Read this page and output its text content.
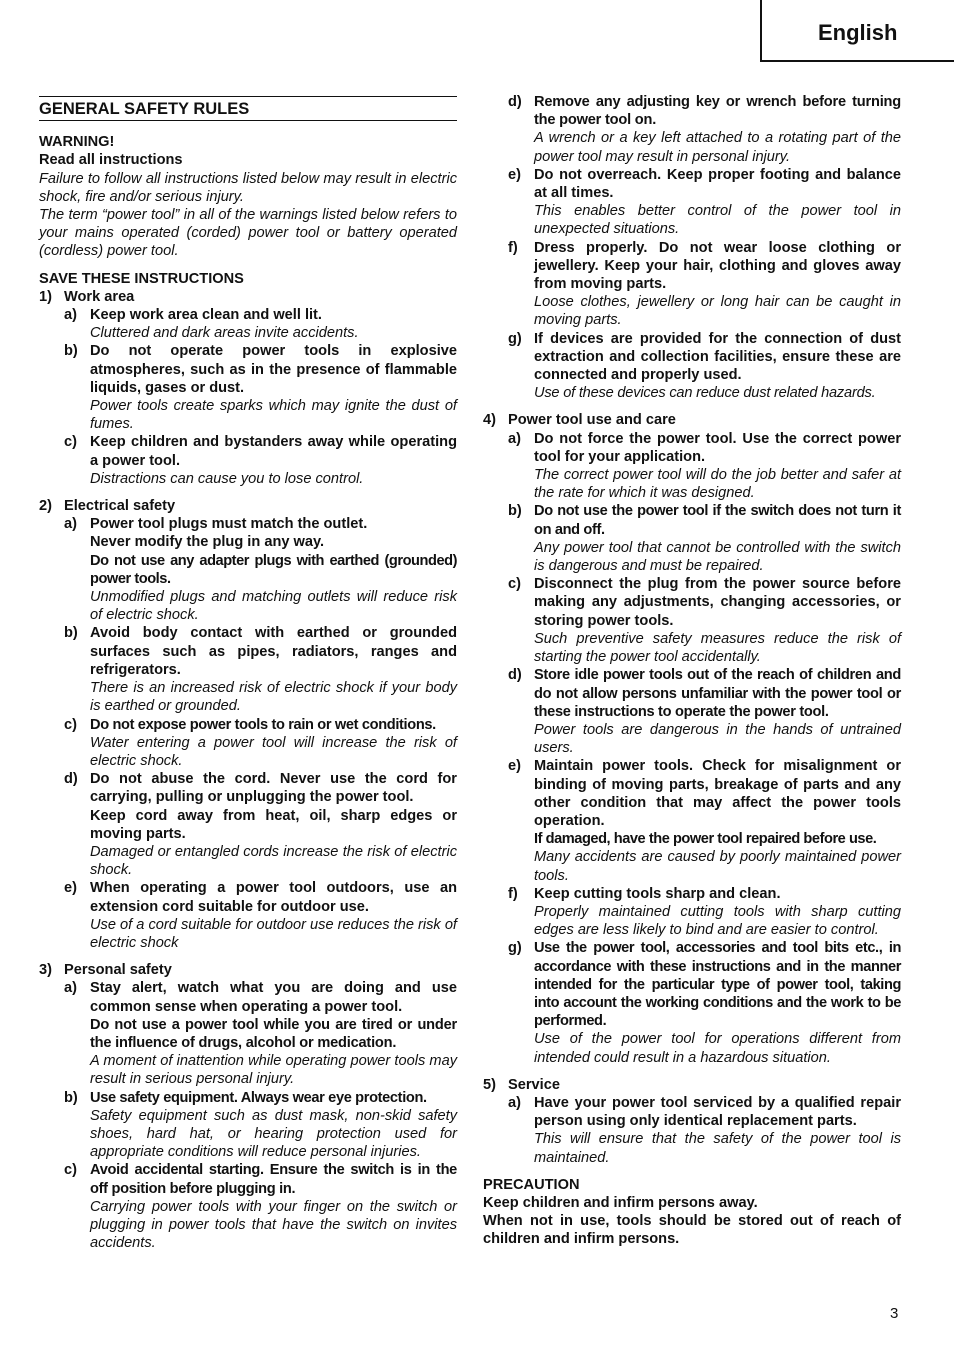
English
GENERAL SAFETY RULES
WARNING!
Read all instructions
Failure to follow all instructions listed below may result in electric shock, fire and/or serious injury.
The term “power tool” in all of the warnings listed below refers to your mains operated (corded) power tool or battery operated (cordless) power tool.
SAVE THESE INSTRUCTIONS
1) Work area
a) Keep work area clean and well lit.
Cluttered and dark areas invite accidents.
b) Do not operate power tools in explosive atmospheres, such as in the presence of flammable liquids, gases or dust.
Power tools create sparks which may ignite the dust of fumes.
c) Keep children and bystanders away while operating a power tool.
Distractions can cause you to lose control.
2) Electrical safety
a) Power tool plugs must match the outlet.
Never modify the plug in any way.
Do not use any adapter plugs with earthed (grounded) power tools.
Unmodified plugs and matching outlets will reduce risk of electric shock.
b) Avoid body contact with earthed or grounded surfaces such as pipes, radiators, ranges and refrigerators.
There is an increased risk of electric shock if your body is earthed or grounded.
c) Do not expose power tools to rain or wet conditions.
Water entering a power tool will increase the risk of electric shock.
d) Do not abuse the cord. Never use the cord for carrying, pulling or unplugging the power tool.
Keep cord away from heat, oil, sharp edges or moving parts.
Damaged or entangled cords increase the risk of electric shock.
e) When operating a power tool outdoors, use an extension cord suitable for outdoor use.
Use of a cord suitable for outdoor use reduces the risk of electric shock
3) Personal safety
a) Stay alert, watch what you are doing and use common sense when operating a power tool.
Do not use a power tool while you are tired or under the influence of drugs, alcohol or medication.
A moment of inattention while operating power tools may result in serious personal injury.
b) Use safety equipment. Always wear eye protection.
Safety equipment such as dust mask, non-skid safety shoes, hard hat, or hearing protection used for appropriate conditions will reduce personal injuries.
c) Avoid accidental starting. Ensure the switch is in the off position before plugging in.
Carrying power tools with your finger on the switch or plugging in power tools that have the switch on invites accidents.
d) Remove any adjusting key or wrench before turning the power tool on.
A wrench or a key left attached to a rotating part of the power tool may result in personal injury.
e) Do not overreach. Keep proper footing and balance at all times.
This enables better control of the power tool in unexpected situations.
f)	Dress properly. Do not wear loose clothing or jewellery. Keep your hair, clothing and gloves away from moving parts.
Loose clothes, jewellery or long hair can be caught in moving parts.
g) If devices are provided for the connection of dust extraction and collection facilities, ensure these are connected and properly used.
Use of these devices can reduce dust related hazards.
4) Power tool use and care
a) Do not force the power tool. Use the correct power tool for your application.
The correct power tool will do the job better and safer at the rate for which it was designed.
b) Do not use the power tool if the switch does not turn it on and off.
Any power tool that cannot be controlled with the switch is dangerous and must be repaired.
c) Disconnect the plug from the power source before making any adjustments, changing accessories, or storing power tools.
Such preventive safety measures reduce the risk of starting the power tool accidentally.
d) Store idle power tools out of the reach of children and do not allow persons unfamiliar with the power tool or these instructions to operate the power tool.
Power tools are dangerous in the hands of untrained users.
e) Maintain power tools. Check for misalignment or binding of moving parts, breakage of parts and any other condition that may affect the power tools operation.
If damaged, have the power tool repaired before use.
Many accidents are caused by poorly maintained power tools.
f)	Keep cutting tools sharp and clean.
Properly maintained cutting tools with sharp cutting edges are less likely to bind and are easier to control.
g) Use the power tool, accessories and tool bits etc., in accordance with these instructions and in the manner intended for the particular type of power tool, taking into account the working conditions and the work to be performed.
Use of the power tool for operations different from intended could result in a hazardous situation.
5) Service
a) Have your power tool serviced by a qualified repair person using only identical replacement parts.
This will ensure that the safety of the power tool is maintained.
PRECAUTION
Keep children and infirm persons away.
When not in use, tools should be stored out of reach of children and infirm persons.
3
